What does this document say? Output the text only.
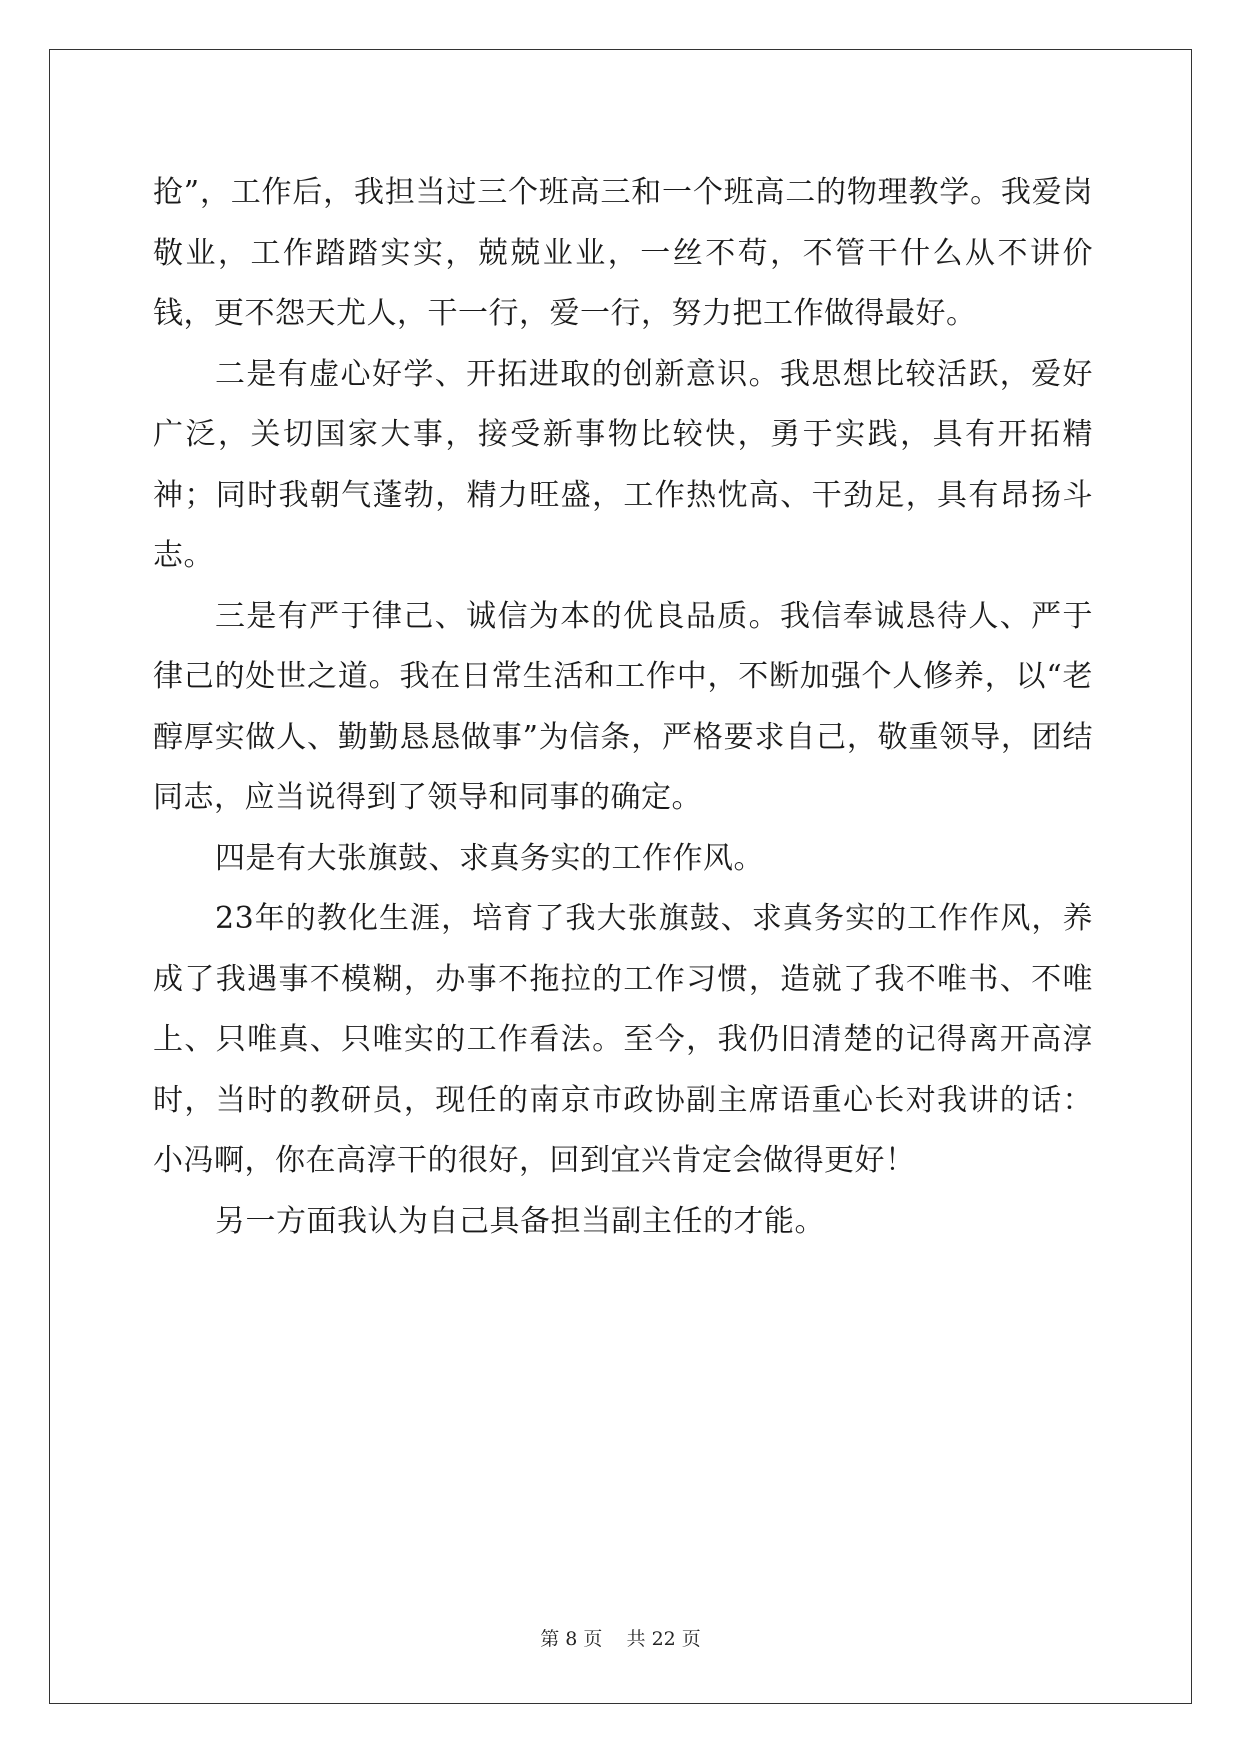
抢”，工作后，我担当过三个班高三和一个班高二的物理教学。我爱岗敬业，工作踏踏实实，兢兢业业，一丝不苟，不管干什么从不讲价钱，更不怨天尤人，干一行，爱一行，努力把工作做得最好。

二是有虚心好学、开拓进取的创新意识。我思想比较活跃，爱好广泛，关切国家大事，接受新事物比较快，勇于实践，具有开拓精神；同时我朝气蓬勃，精力旺盛，工作热忱高、干劲足，具有昂扬斗志。

三是有严于律己、诚信为本的优良品质。我信奉诚恳待人、严于律己的处世之道。我在日常生活和工作中，不断加强个人修养，以“老醇厚实做人、勤勤恳恳做事”为信条，严格要求自己，敬重领导，团结同志，应当说得到了领导和同事的确定。

四是有大张旗鼓、求真务实的工作作风。

23年的教化生涯，培育了我大张旗鼓、求真务实的工作作风，养成了我遇事不模糊，办事不拖拉的工作习惯，造就了我不唯书、不唯上、只唯真、只唯实的工作看法。至今，我仍旧清楚的记得离开高淳时，当时的教研员，现任的南京市政协副主席语重心长对我讲的话：小冯啊，你在高淳干的很好，回到宜兴肯定会做得更好！

另一方面我认为自己具备担当副主任的才能。

第 8 页 共 22 页
